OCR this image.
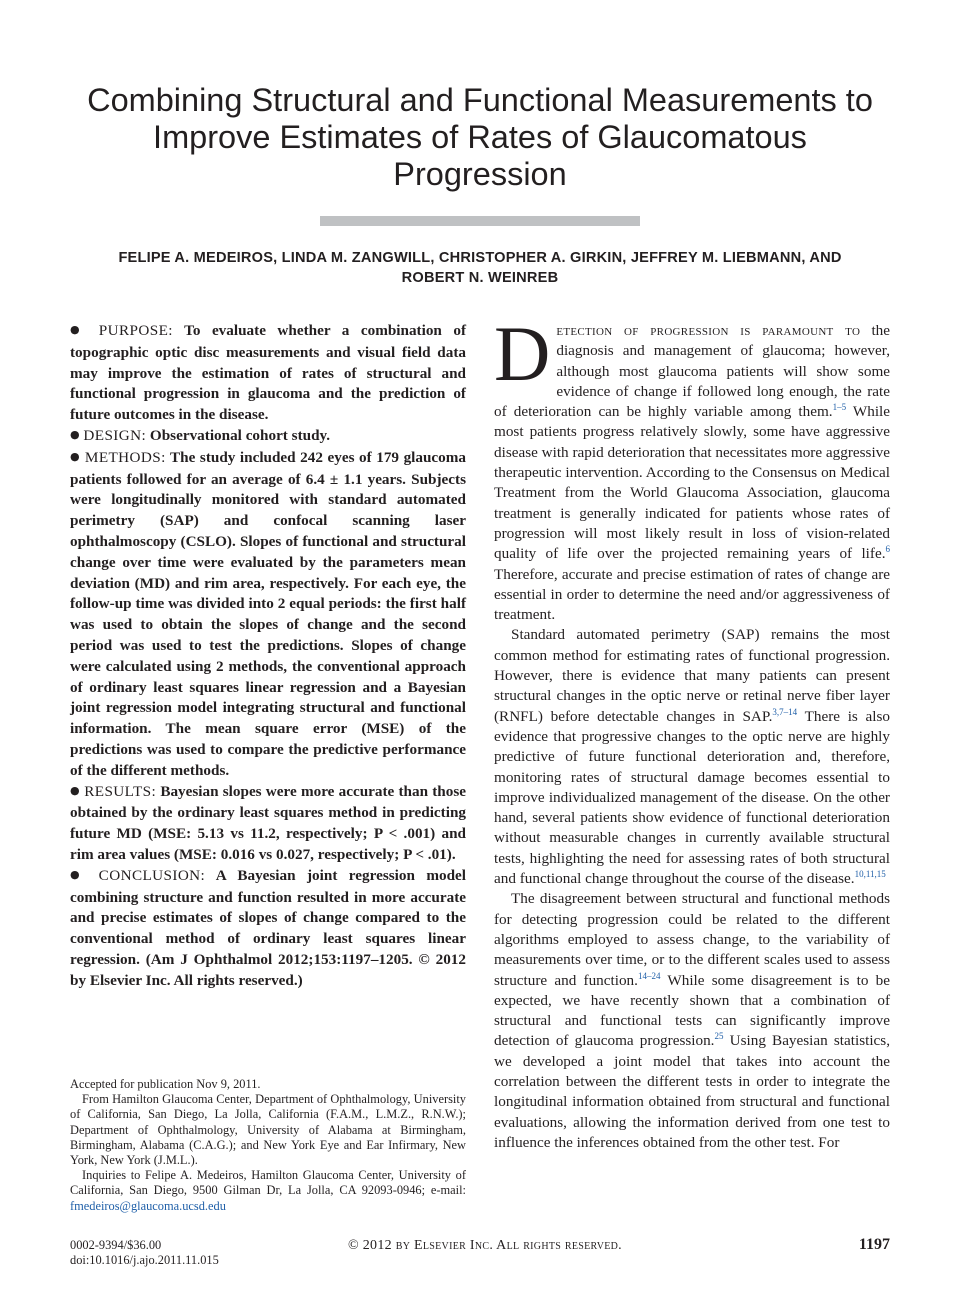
Combining Structural and Functional Measurements to
Improve Estimates of Rates of Glaucomatous
Progression
FELIPE A. MEDEIROS, LINDA M. ZANGWILL, CHRISTOPHER A. GIRKIN, JEFFREY M. LIEBMANN, AND
ROBERT N. WEINREB

● PURPOSE: To evaluate whether a combination of topographic optic disc measurements and visual field data may improve the estimation of rates of structural and functional progression in glaucoma and the prediction of future outcomes in the disease.

● DESIGN: Observational cohort study.

● METHODS: The study included 242 eyes of 179 glaucoma patients followed for an average of 6.4 ± 1.1 years. Subjects were longitudinally monitored with standard automated perimetry (SAP) and confocal scanning laser ophthalmoscopy (CSLO). Slopes of functional and structural change over time were evaluated by the parameters mean deviation (MD) and rim area, respectively. For each eye, the follow-up time was divided into 2 equal periods: the first half was used to obtain the slopes of change and the second period was used to test the predictions. Slopes of change were calculated using 2 methods, the conventional approach of ordinary least squares linear regression and a Bayesian joint regression model integrating structural and functional information. The mean square error (MSE) of the predictions was used to compare the predictive performance of the different methods.

● RESULTS: Bayesian slopes were more accurate than those obtained by the ordinary least squares method in predicting future MD (MSE: 5.13 vs 11.2, respectively; P < .001) and rim area values (MSE: 0.016 vs 0.027, respectively; P < .01).

● CONCLUSION: A Bayesian joint regression model combining structure and function resulted in more accurate and precise estimates of slopes of change compared to the conventional method of ordinary least squares linear regression. (Am J Ophthalmol 2012;153:1197–1205. © 2012 by Elsevier Inc. All rights reserved.)

Accepted for publication Nov 9, 2011.

From Hamilton Glaucoma Center, Department of Ophthalmology, University of California, San Diego, La Jolla, California (F.A.M., L.M.Z., R.N.W.); Department of Ophthalmology, University of Alabama at Birmingham, Birmingham, Alabama (C.A.G.); and New York Eye and Ear Infirmary, New York, New York (J.M.L.).

Inquiries to Felipe A. Medeiros, Hamilton Glaucoma Center, University of California, San Diego, 9500 Gilman Dr, La Jolla, CA 92093-0946; e-mail: fmedeiros@glaucoma.ucsd.edu

Detection of progression is paramount to the diagnosis and management of glaucoma; however, although most glaucoma patients will show some evidence of change if followed long enough, the rate of deterioration can be highly variable among them.$^{1-5}$ While most patients progress relatively slowly, some have aggressive disease with rapid deterioration that necessitates more aggressive therapeutic intervention. According to the Consensus on Medical Treatment from the World Glaucoma Association, glaucoma treatment is generally indicated for patients whose rates of progression will most likely result in loss of vision-related quality of life over the projected remaining years of life.$^6$ Therefore, accurate and precise estimation of rates of change are essential in order to determine the need and/or aggressiveness of treatment.

Standard automated perimetry (SAP) remains the most common method for estimating rates of functional progression. However, there is evidence that many patients can present structural changes in the optic nerve or retinal nerve fiber layer (RNFL) before detectable changes in SAP.$^{3,7-14}$ There is also evidence that progressive changes to the optic nerve are highly predictive of future functional deterioration and, therefore, monitoring rates of structural damage becomes essential to improve individualized management of the disease. On the other hand, several patients show evidence of functional deterioration without measurable changes in currently available structural tests, highlighting the need for assessing rates of both structural and functional change throughout the course of the disease.$^{10,11,15}$

The disagreement between structural and functional methods for detecting progression could be related to the different algorithms employed to assess change, to the variability of measurements over time, or to the different scales used to assess structure and function.$^{14-24}$ While some disagreement is to be expected, we have recently shown that a combination of structural and functional tests can significantly improve detection of glaucoma progression.$^{25}$ Using Bayesian statistics, we developed a joint model that takes into account the correlation between the different tests in order to integrate the longitudinal information obtained from structural and functional evaluations, allowing the information derived from one test to influence the inferences obtained from the other test. For

0002-9394/$36.00
doi:10.1016/j.ajo.2011.11.015
© 2012 by Elsevier Inc. All rights reserved.	1197
